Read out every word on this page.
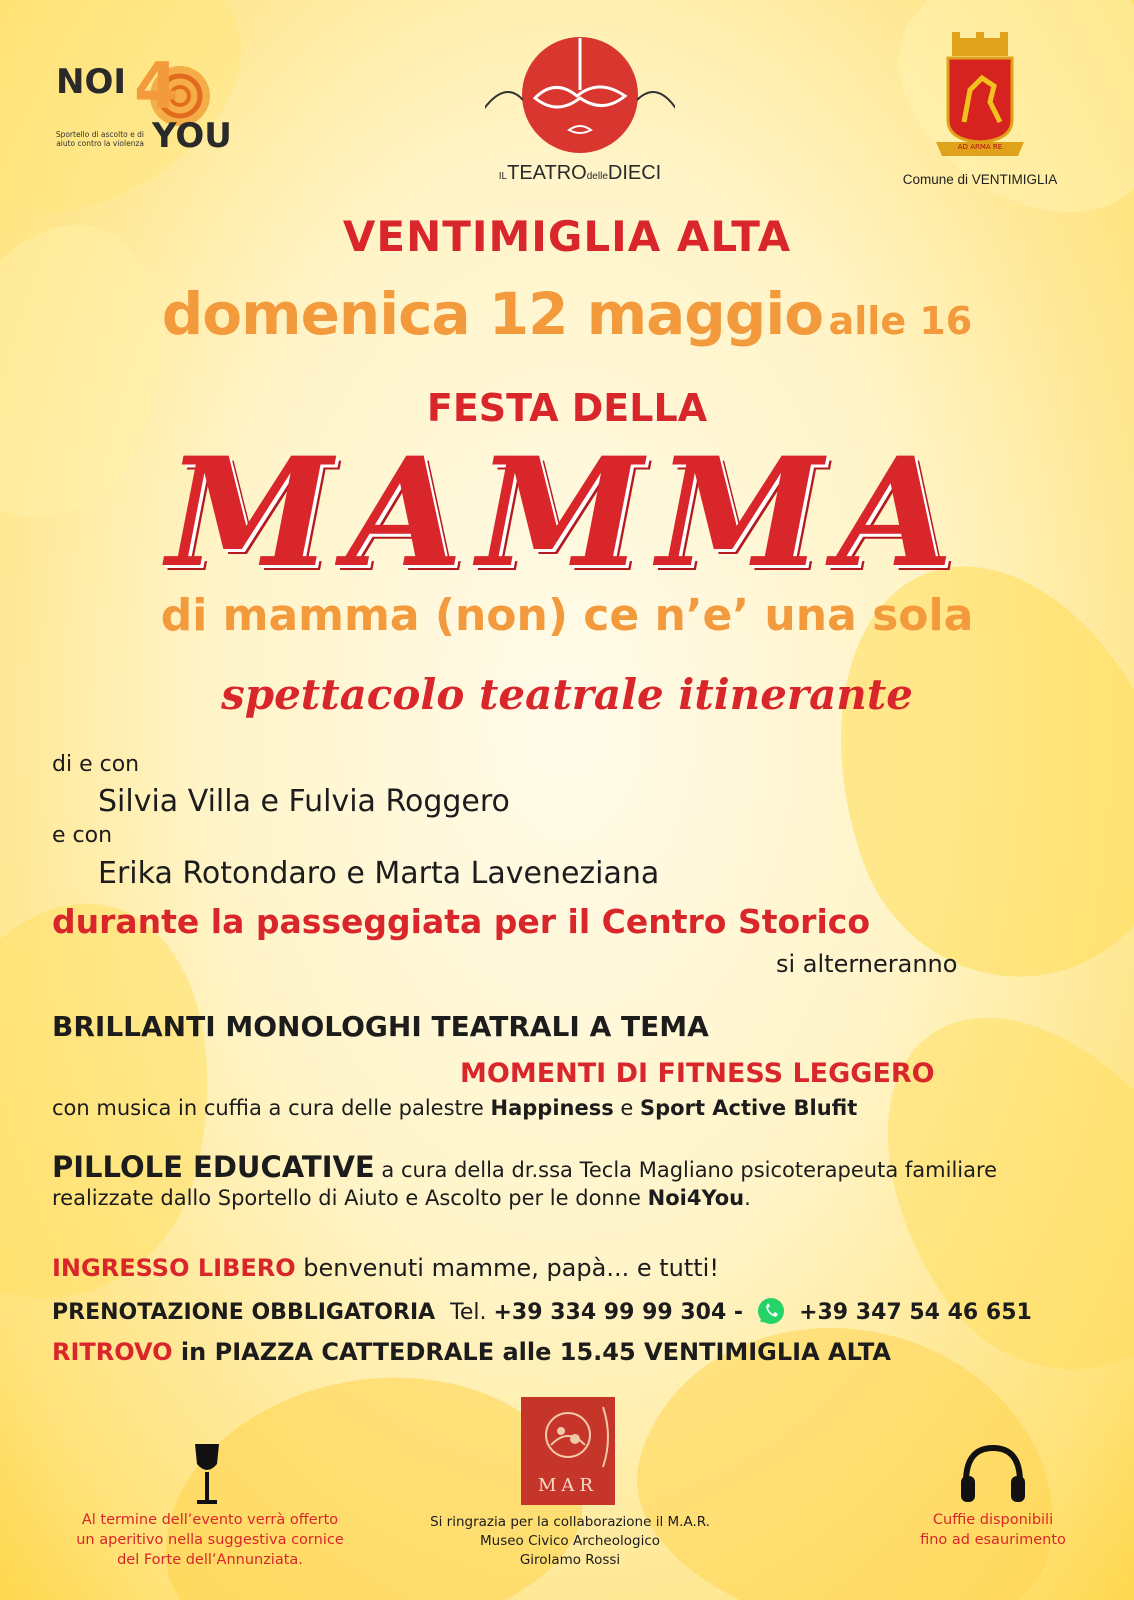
NOI 4
YOU
Sportello di ascolto e di aiuto contro la violenza
ILTEATROdelleDIECI
AD ARMA RE
Comune di VENTIMIGLIA
VENTIMIGLIA ALTA
domenica 12 maggio alle 16
FESTA DELLA
MAMMA
di mamma (non) ce n’e’ una sola
spettacolo teatrale itinerante
di e con
Silvia Villa e Fulvia Roggero
e con
Erika Rotondaro e Marta Laveneziana
durante la passeggiata per il Centro Storico
si alterneranno
BRILLANTI MONOLOGHI TEATRALI A TEMA
MOMENTI DI FITNESS LEGGERO
con musica in cuffia a cura delle palestre Happiness e Sport Active Blufit
PILLOLE EDUCATIVE a cura della dr.ssa Tecla Magliano psicoterapeuta familiare
realizzate dallo Sportello di Aiuto e Ascolto per le donne Noi4You.
INGRESSO LIBERO benvenuti mamme, papà... e tutti!
PRENOTAZIONE OBBLIGATORIA Tel. +39 334 99 99 304 -	+39 347 54 46 651
RITROVO in PIAZZA CATTEDRALE alle 15.45 VENTIMIGLIA ALTA
Al termine dell’evento verrà offerto
un aperitivo nella suggestiva cornice
del Forte dell’Annunziata.
MAR
Si ringrazia per la collaborazione il M.A.R.
Museo Civico Archeologico
Girolamo Rossi
Cuffie disponibili
fino ad esaurimento
